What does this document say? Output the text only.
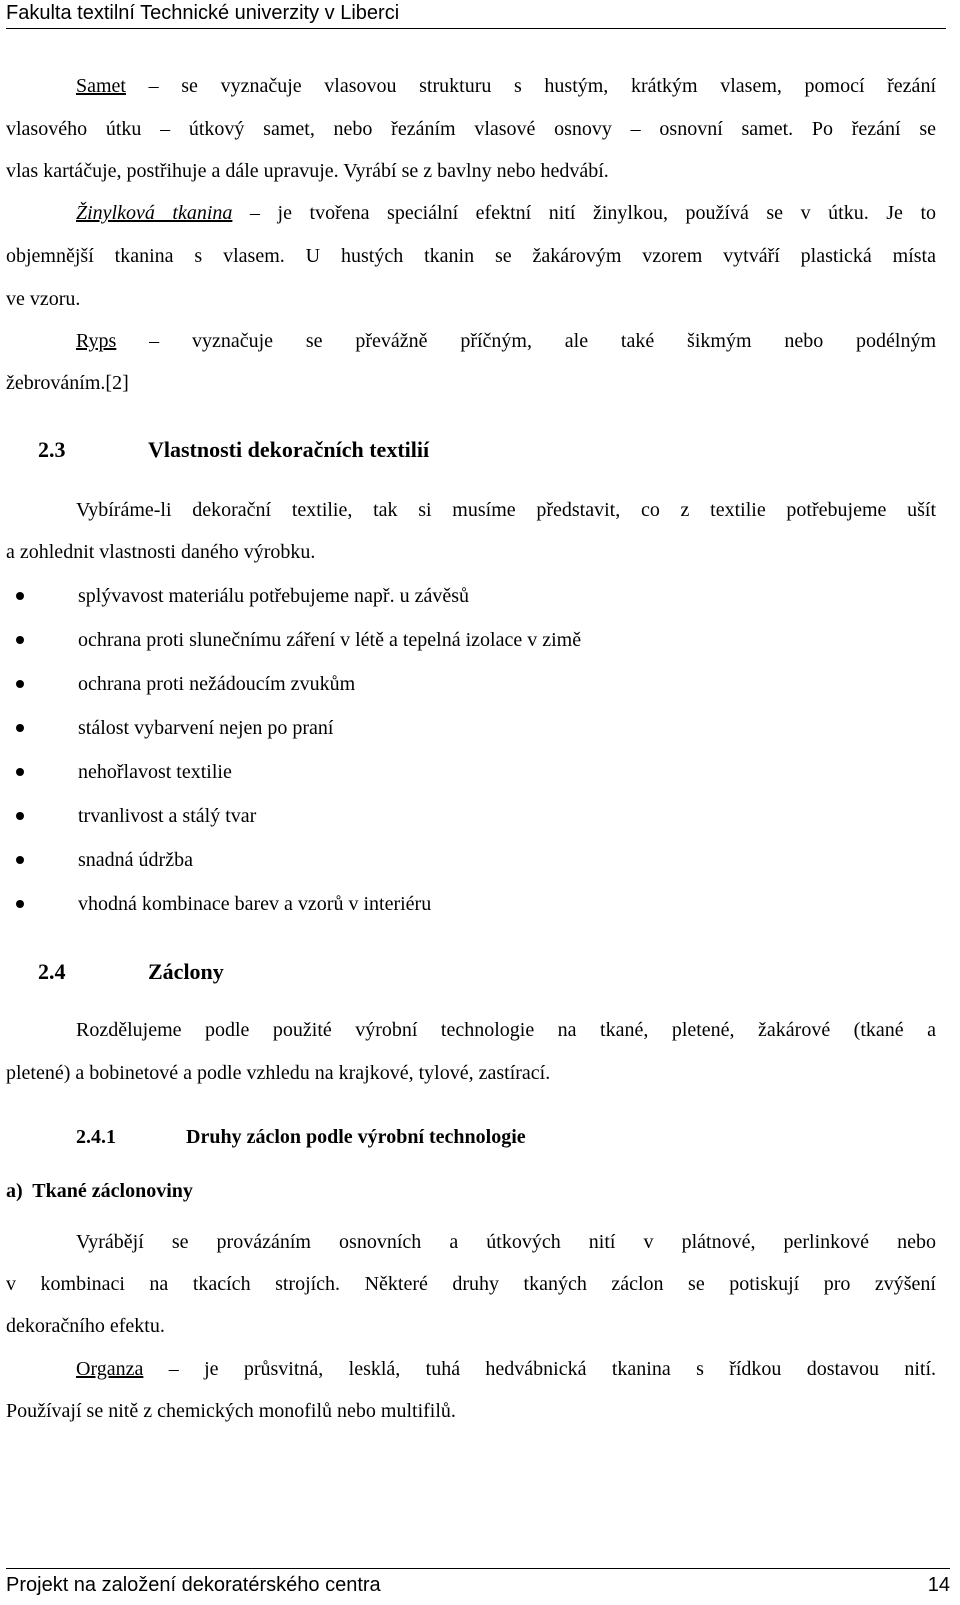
Fakulta textilní Technické univerzity v Liberci
Samet – se vyznačuje vlasovou strukturu s hustým, krátkým vlasem, pomocí řezání
vlasového útku – útkový samet, nebo řezáním vlasové osnovy – osnovní samet. Po řezání se
vlas kartáčuje, postřihuje a dále upravuje. Vyrábí se z bavlny nebo hedvábí.
Žinylková tkanina – je tvořena speciální efektní nití žinylkou, používá se v útku. Je to
objemnější tkanina s vlasem. U hustých tkanin se žakárovým vzorem vytváří plastická místa
ve vzoru.
Ryps – vyznačuje se převážně příčným, ale také šikmým nebo podélným
žebrováním.[2]
2.3	Vlastnosti dekoračních textilií
Vybíráme-li dekorační textilie, tak si musíme představit, co z textilie potřebujeme ušít
a zohlednit vlastnosti daného výrobku.
splývavost materiálu potřebujeme např. u závěsů
ochrana proti slunečnímu záření v létě a tepelná izolace v zimě
ochrana proti nežádoucím zvukům
stálost vybarvení nejen po praní
nehořlavost textilie
trvanlivost a stálý tvar
snadná údržba
vhodná kombinace barev a vzorů v interiéru
2.4	Záclony
Rozdělujeme podle použité výrobní technologie na tkané, pletené, žakárové (tkané a
pletené) a bobinetové a podle vzhledu na krajkové, tylové, zastírací.
2.4.1	Druhy záclon podle výrobní technologie
a)  Tkané záclonoviny
Vyrábějí se provázáním osnovních a útkových nití v plátnové, perlinkové nebo
v kombinaci na tkacích strojích. Některé druhy tkaných záclon se potiskují pro zvýšení
dekoračního efektu.
Organza – je průsvitná, lesklá, tuhá hedvábnická tkanina s řídkou dostavou nití.
Používají se nitě z chemických monofilů nebo multifilů.
Projekt na založení dekoratérského centra	14
